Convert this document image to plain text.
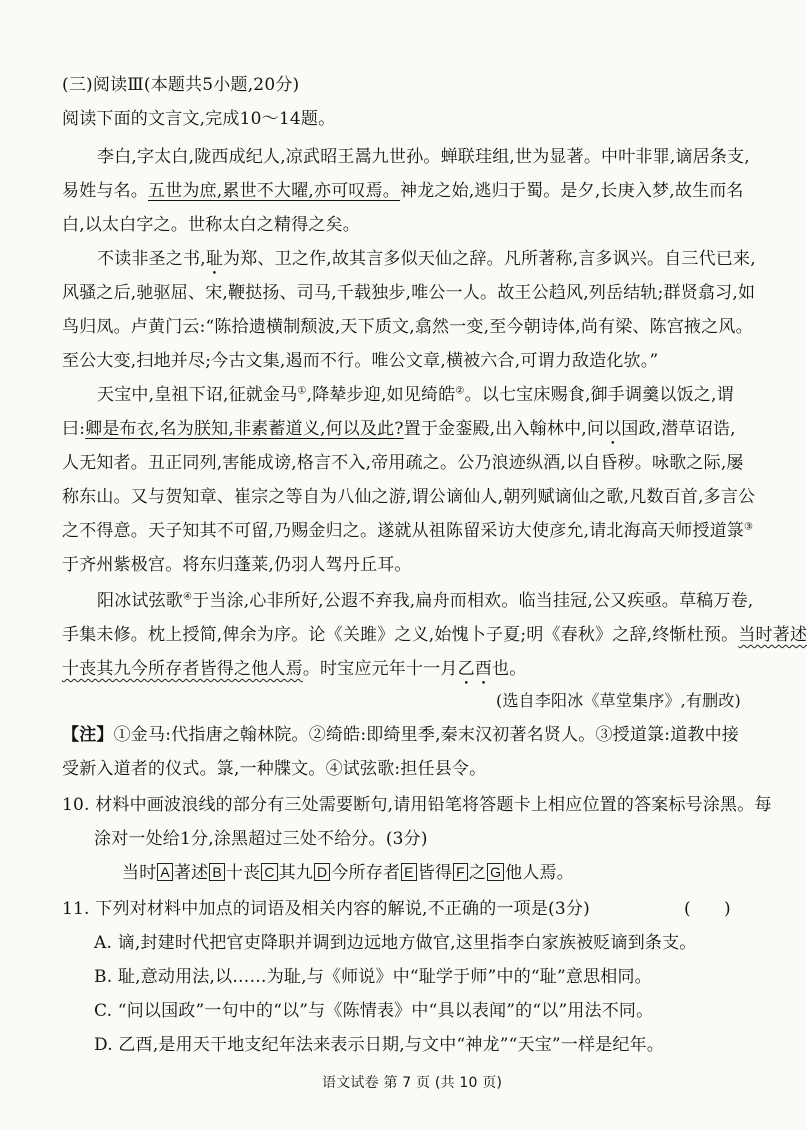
(三)阅读Ⅲ(本题共5小题,20分)
阅读下面的文言文,完成10～14题。
李白,字太白,陇西成纪人,凉武昭王暠九世孙。蝉联珪组,世为显著。中叶非罪,谪居条支,
易姓与名。五世为庶,累世不大曜,亦可叹焉。神龙之始,逃归于蜀。是夕,长庚入梦,故生而名
白,以太白字之。世称太白之精得之矣。
不读非圣之书,耻为郑、卫之作,故其言多似天仙之辞。凡所著称,言多讽兴。自三代已来,
风骚之后,驰驱屈、宋,鞭挞扬、司马,千载独步,唯公一人。故王公趋风,列岳结轨;群贤翕习,如
鸟归凤。卢黄门云:“陈拾遗横制颓波,天下质文,翕然一变,至今朝诗体,尚有梁、陈宫掖之风。
至公大变,扫地并尽;今古文集,遏而不行。唯公文章,横被六合,可谓力敌造化欤。”
天宝中,皇祖下诏,征就金马①,降辇步迎,如见绮皓②。以七宝床赐食,御手调羹以饭之,谓
曰:卿是布衣,名为朕知,非素蓄道义,何以及此?置于金銮殿,出入翰林中,问以国政,潜草诏诰,
人无知者。丑正同列,害能成谤,格言不入,帝用疏之。公乃浪迹纵酒,以自昏秽。咏歌之际,屡
称东山。又与贺知章、崔宗之等自为八仙之游,谓公谪仙人,朝列赋谪仙之歌,凡数百首,多言公
之不得意。天子知其不可留,乃赐金归之。遂就从祖陈留采访大使彦允,请北海高天师授道箓③
于齐州紫极宫。将东归蓬莱,仍羽人驾丹丘耳。
阳冰试弦歌④于当涂,心非所好,公遐不弃我,扁舟而相欢。临当挂冠,公又疾亟。草稿万卷,
手集未修。枕上授简,俾余为序。论《关雎》之义,始愧卜子夏;明《春秋》之辞,终惭杜预。当时著述
十丧其九今所存者皆得之他人焉。时宝应元年十一月乙酉也。
(选自李阳冰《草堂集序》,有删改)
【注】①金马:代指唐之翰林院。②绮皓:即绮里季,秦末汉初著名贤人。③授道箓:道教中接
受新入道者的仪式。箓,一种牒文。④试弦歌:担任县令。
10. 材料中画波浪线的部分有三处需要断句,请用铅笔将答题卡上相应位置的答案标号涂黑。每
涂对一处给1分,涂黑超过三处不给分。(3分)
当时 A 著述 B 十丧 C 其九 D 今所存者 E 皆得 F 之 G 他人焉。
11. 下列对材料中加点的词语及相关内容的解说,不正确的一项是(3分)	( )
A. 谪,封建时代把官吏降职并调到边远地方做官,这里指李白家族被贬谪到条支。
B. 耻,意动用法,以……为耻,与《师说》中“耻学于师”中的“耻”意思相同。
C. “问以国政”一句中的“以”与《陈情表》中“具以表闻”的“以”用法不同。
D. 乙酉,是用天干地支纪年法来表示日期,与文中“神龙”“天宝”一样是纪年。
语文试卷 第 7 页 (共 10 页)
